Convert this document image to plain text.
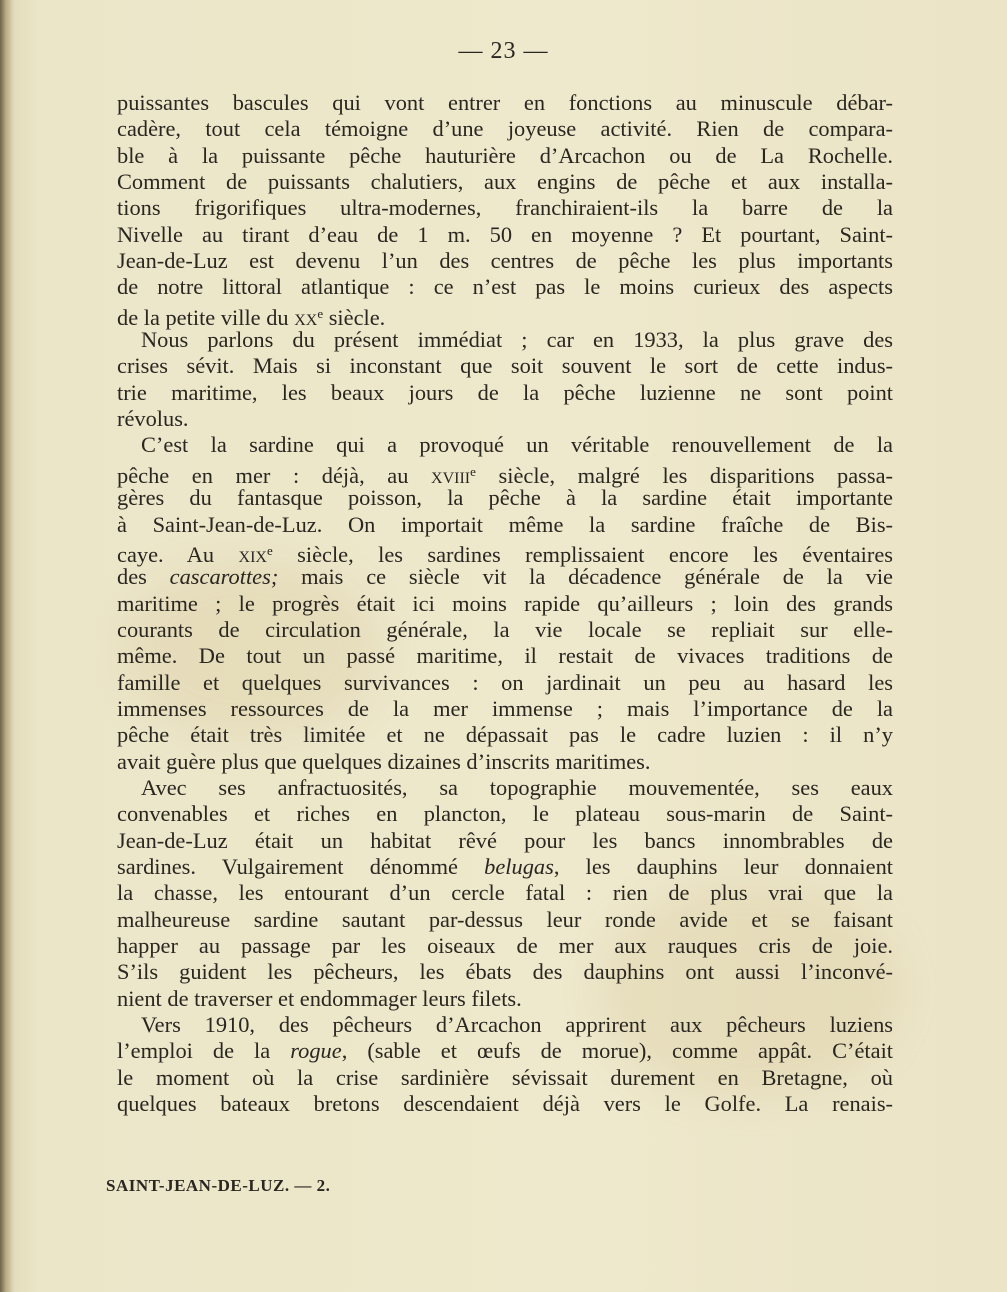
— 23 —
puissantes bascules qui vont entrer en fonctions au minuscule débar-
cadère, tout cela témoigne d’une joyeuse activité. Rien de compara-
ble à la puissante pêche hauturière d’Arcachon ou de La Rochelle.
Comment de puissants chalutiers, aux engins de pêche et aux installa-
tions frigorifiques ultra-modernes, franchiraient-ils la barre de la
Nivelle au tirant d’eau de 1 m. 50 en moyenne ? Et pourtant, Saint-
Jean-de-Luz est devenu l’un des centres de pêche les plus importants
de notre littoral atlantique : ce n’est pas le moins curieux des aspects
de la petite ville du $xx^e$ siècle.
Nous parlons du présent immédiat ; car en 1933, la plus grave des
crises sévit. Mais si inconstant que soit souvent le sort de cette indus-
trie maritime, les beaux jours de la pêche luzienne ne sont point
révolus.
C’est la sardine qui a provoqué un véritable renouvellement de la
pêche en mer : déjà, au xviii$^e$ siècle, malgré les disparitions passa-
gères du fantasque poisson, la pêche à la sardine était importante
à Saint-Jean-de-Luz. On importait même la sardine fraîche de Bis-
caye. Au xix$^e$ siècle, les sardines remplissaient encore les éventaires
des cascarottes; mais ce siècle vit la décadence générale de la vie
maritime ; le progrès était ici moins rapide qu’ailleurs ; loin des grands
courants de circulation générale, la vie locale se repliait sur elle-
même. De tout un passé maritime, il restait de vivaces traditions de
famille et quelques survivances : on jardinait un peu au hasard les
immenses ressources de la mer immense ; mais l’importance de la
pêche était très limitée et ne dépassait pas le cadre luzien : il n’y
avait guère plus que quelques dizaines d’inscrits maritimes.
Avec ses anfractuosités, sa topographie mouvementée, ses eaux
convenables et riches en plancton, le plateau sous-marin de Saint-
Jean-de-Luz était un habitat rêvé pour les bancs innombrables de
sardines. Vulgairement dénommé belugas, les dauphins leur donnaient
la chasse, les entourant d’un cercle fatal : rien de plus vrai que la
malheureuse sardine sautant par-dessus leur ronde avide et se faisant
happer au passage par les oiseaux de mer aux rauques cris de joie.
S’ils guident les pêcheurs, les ébats des dauphins ont aussi l’inconvé-
nient de traverser et endommager leurs filets.
Vers 1910, des pêcheurs d’Arcachon apprirent aux pêcheurs luziens
l’emploi de la rogue, (sable et œufs de morue), comme appât. C’était
le moment où la crise sardinière sévissait durement en Bretagne, où
quelques bateaux bretons descendaient déjà vers le Golfe. La renais-
SAINT-JEAN-DE-LUZ. — 2.
